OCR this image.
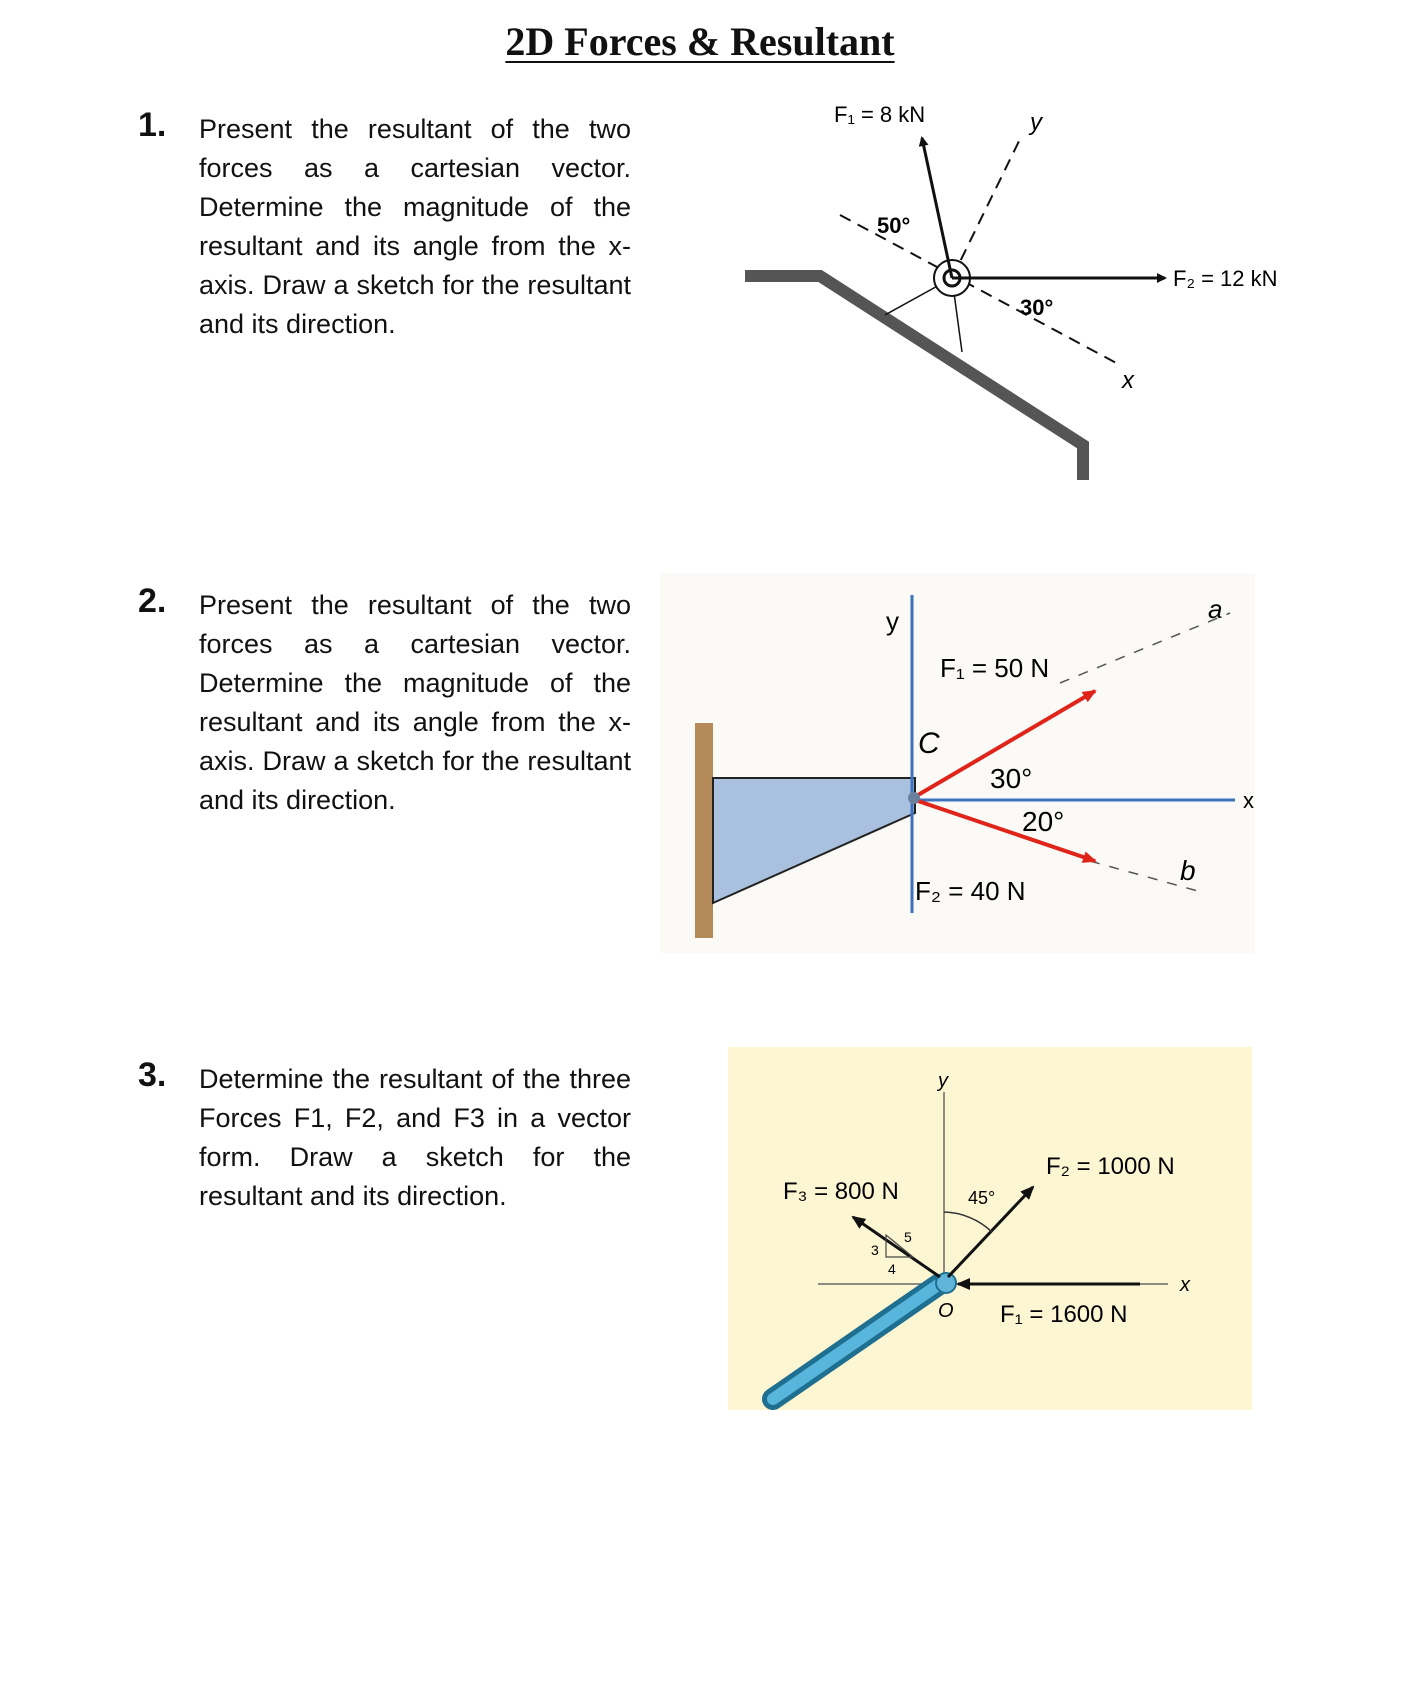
2D Forces & Resultant
1. Present the resultant of the two forces as a cartesian vector. Determine the magnitude of the resultant and its angle from the x-axis. Draw a sketch for the resultant and its direction.
F₁ = 8 kN
F₂ = 12 kN
50°
30°
y
x
2. Present the resultant of the two forces as a cartesian vector. Determine the magnitude of the resultant and its angle from the x-axis. Draw a sketch for the resultant and its direction.
y
x
F₁ = 50 N
F₂ = 40 N
30°
20°
C
a
b
3. Determine the resultant of the three Forces F1, F2, and F3 in a vector form. Draw a sketch for the resultant and its direction.
3
4
5
y
x
O
45°
F₁ = 1600 N
F₂ = 1000 N
F₃ = 800 N
